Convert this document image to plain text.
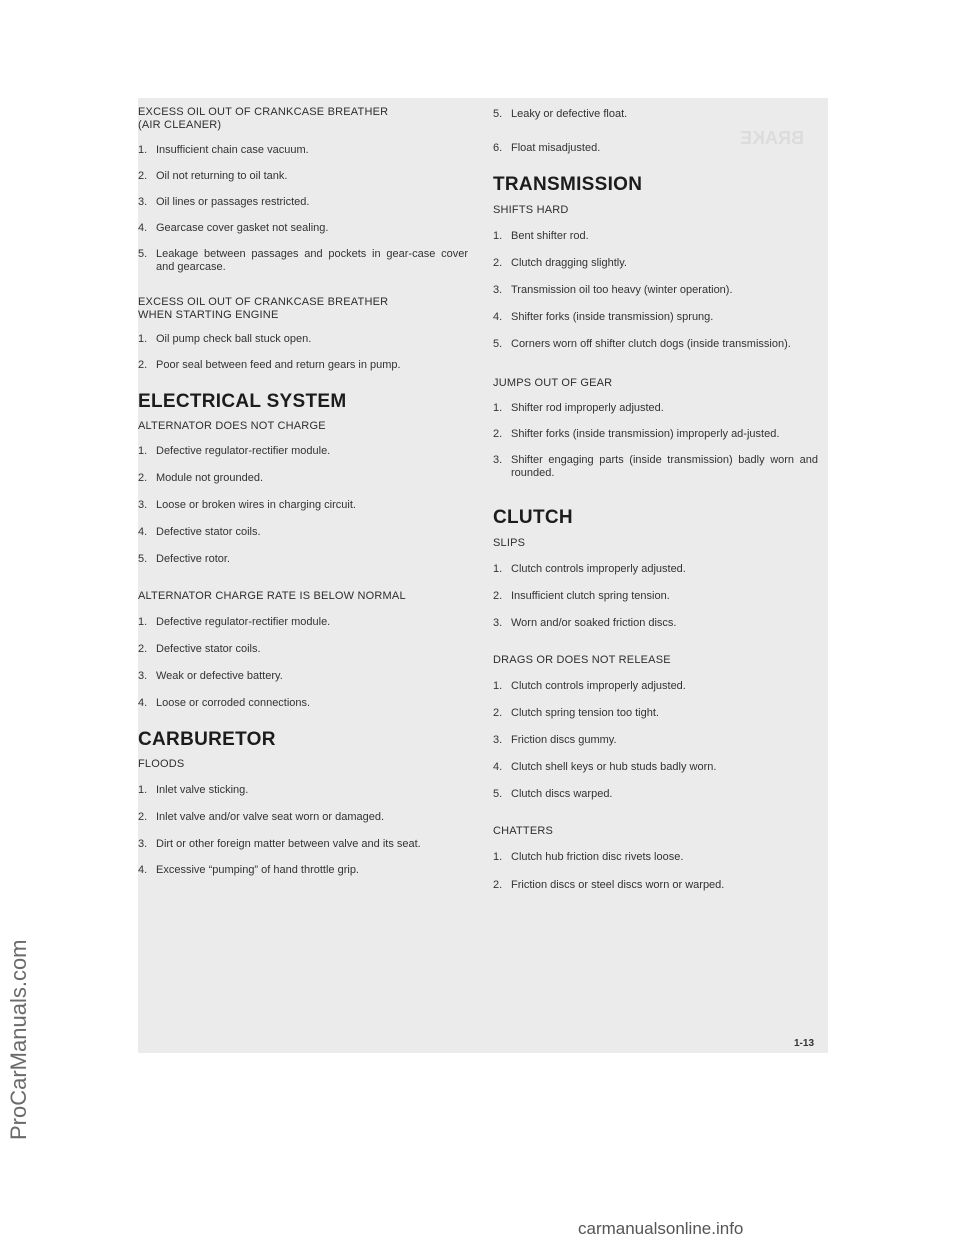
BRAKE
ProCarManuals.com
EXCESS OIL OUT OF CRANKCASE BREATHER
(AIR CLEANER)
1. Insufficient chain case vacuum.
2. Oil not returning to oil tank.
3. Oil lines or passages restricted.
4. Gearcase cover gasket not sealing.
5. Leakage between passages and pockets in gear-case cover and gearcase.
EXCESS OIL OUT OF CRANKCASE BREATHER
WHEN STARTING ENGINE
1. Oil pump check ball stuck open.
2. Poor seal between feed and return gears in pump.
ELECTRICAL SYSTEM
ALTERNATOR DOES NOT CHARGE
1. Defective regulator-rectifier module.
2. Module not grounded.
3. Loose or broken wires in charging circuit.
4. Defective stator coils.
5. Defective rotor.
ALTERNATOR CHARGE RATE IS BELOW NORMAL
1. Defective regulator-rectifier module.
2. Defective stator coils.
3. Weak or defective battery.
4. Loose or corroded connections.
CARBURETOR
FLOODS
1. Inlet valve sticking.
2. Inlet valve and/or valve seat worn or damaged.
3. Dirt or other foreign matter between valve and its seat.
4. Excessive “pumping” of hand throttle grip.
5. Leaky or defective float.
6. Float misadjusted.
TRANSMISSION
SHIFTS HARD
1. Bent shifter rod.
2. Clutch dragging slightly.
3. Transmission oil too heavy (winter operation).
4. Shifter forks (inside transmission) sprung.
5. Corners worn off shifter clutch dogs (inside transmission).
JUMPS OUT OF GEAR
1. Shifter rod improperly adjusted.
2. Shifter forks (inside transmission) improperly ad-justed.
3. Shifter engaging parts (inside transmission) badly worn and rounded.
CLUTCH
SLIPS
1. Clutch controls improperly adjusted.
2. Insufficient clutch spring tension.
3. Worn and/or soaked friction discs.
DRAGS OR DOES NOT RELEASE
1. Clutch controls improperly adjusted.
2. Clutch spring tension too tight.
3. Friction discs gummy.
4. Clutch shell keys or hub studs badly worn.
5. Clutch discs warped.
CHATTERS
1. Clutch hub friction disc rivets loose.
2. Friction discs or steel discs worn or warped.
1-13
carmanualsonline.info
